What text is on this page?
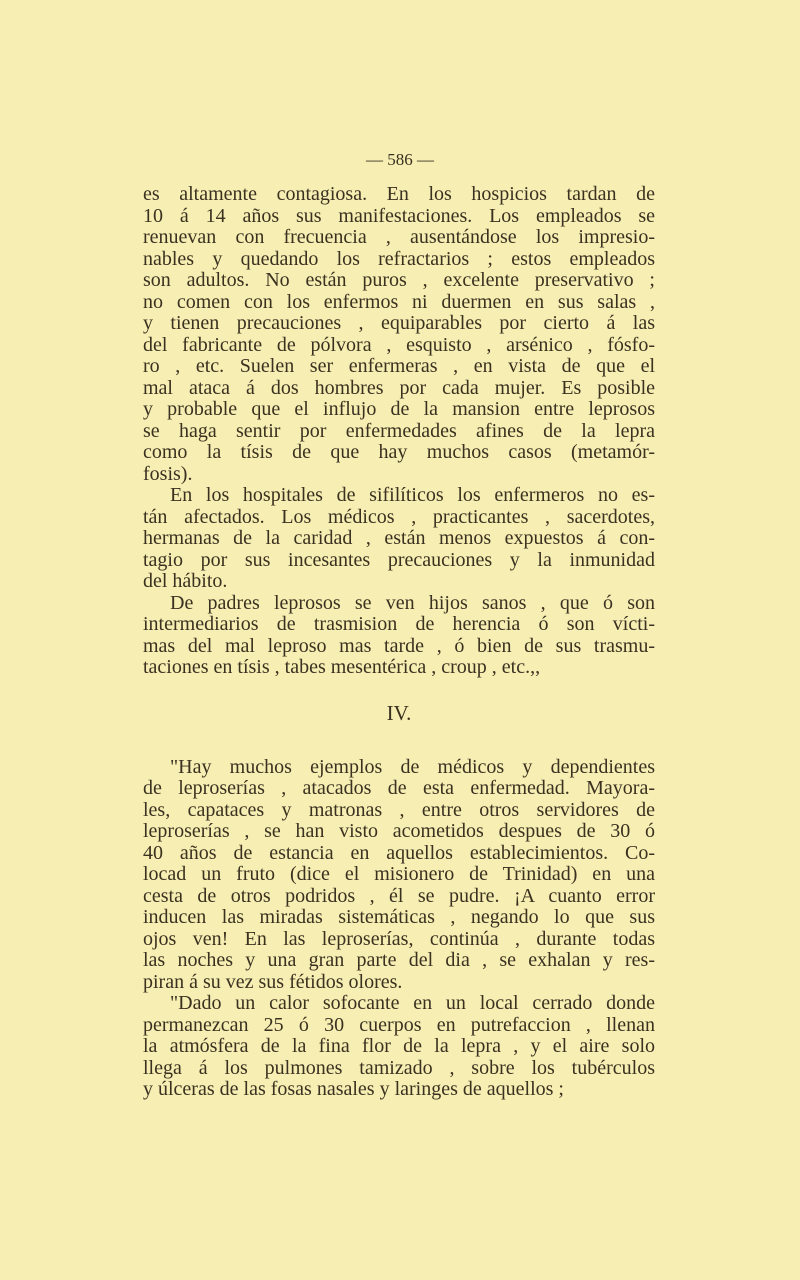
— 586 —
es altamente contagiosa. En los hospicios tardan de
10 á 14 años sus manifestaciones. Los empleados se
renuevan con frecuencia , ausentándose los impresio-
nables y quedando los refractarios ; estos empleados
son adultos. No están puros , excelente preservativo ;
no comen con los enfermos ni duermen en sus salas ,
y tienen precauciones , equiparables por cierto á las
del fabricante de pólvora , esquisto , arsénico , fósfo-
ro , etc. Suelen ser enfermeras , en vista de que el
mal ataca á dos hombres por cada mujer. Es posible
y probable que el influjo de la mansion entre leprosos
se haga sentir por enfermedades afines de la lepra
como la tísis de que hay muchos casos (metamór-
fosis).
En los hospitales de sifilíticos los enfermeros no es-
tán afectados. Los médicos , practicantes , sacerdotes,
hermanas de la caridad , están menos expuestos á con-
tagio por sus incesantes precauciones y la inmunidad
del hábito.
De padres leprosos se ven hijos sanos , que ó son
intermediarios de trasmision de herencia ó son vícti-
mas del mal leproso mas tarde , ó bien de sus trasmu-
taciones en tísis , tabes mesentérica , croup , etc.,,
IV.
"Hay muchos ejemplos de médicos y dependientes
de leproserías , atacados de esta enfermedad. Mayora-
les, capataces y matronas , entre otros servidores de
leproserías , se han visto acometidos despues de 30 ó
40 años de estancia en aquellos establecimientos. Co-
locad un fruto (dice el misionero de Trinidad) en una
cesta de otros podridos , él se pudre. ¡A cuanto error
inducen las miradas sistemáticas , negando lo que sus
ojos ven! En las leproserías, continúa , durante todas
las noches y una gran parte del dia , se exhalan y res-
piran á su vez sus fétidos olores.
"Dado un calor sofocante en un local cerrado donde
permanezcan 25 ó 30 cuerpos en putrefaccion , llenan
la atmósfera de la fina flor de la lepra , y el aire solo
llega á los pulmones tamizado , sobre los tubérculos
y úlceras de las fosas nasales y laringes de aquellos ;
